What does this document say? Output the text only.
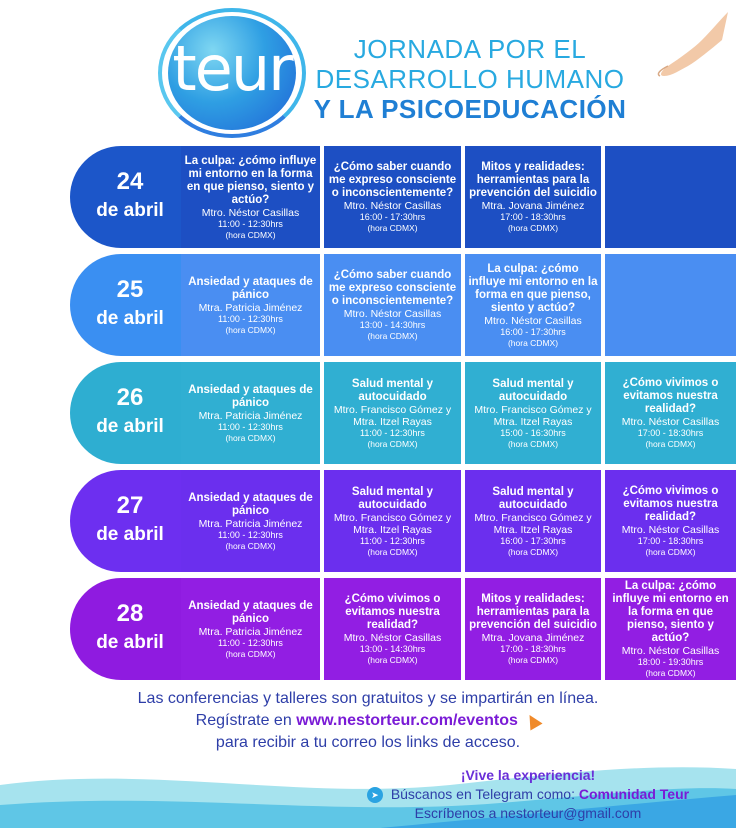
teur	JORNADA POR EL
DESARROLLO HUMANO
Y LA PSICOEDUCACIÓN
24
de abril
La culpa: ¿cómo influye mi entorno en la forma en que pienso, siento y actúo?
Mtro. Néstor Casillas
11:00 - 12:30hrs
(hora CDMX)
¿Cómo saber cuando me expreso consciente o inconscientemente?
Mtro. Néstor Casillas
16:00 - 17:30hrs
(hora CDMX)
Mitos y realidades: herramientas para la prevención del suicidio
Mtra. Jovana Jiménez
17:00 - 18:30hrs
(hora CDMX)
25
de abril
Ansiedad y ataques de pánico
Mtra. Patricia Jiménez
11:00 - 12:30hrs
(hora CDMX)
¿Cómo saber cuando me expreso consciente o inconscientemente?
Mtro. Néstor Casillas
13:00 - 14:30hrs
(hora CDMX)
La culpa: ¿cómo influye mi entorno en la forma en que pienso, siento y actúo?
Mtro. Néstor Casillas
16:00 - 17:30hrs
(hora CDMX)
26
de abril
Ansiedad y ataques de pánico
Mtra. Patricia Jiménez
11:00 - 12:30hrs
(hora CDMX)
Salud mental y autocuidado
Mtro. Francisco Gómez y Mtra. Itzel Rayas
11:00 - 12:30hrs
(hora CDMX)
Salud mental y autocuidado
Mtro. Francisco Gómez y Mtra. Itzel Rayas
15:00 - 16:30hrs
(hora CDMX)
¿Cómo vivimos o evitamos nuestra realidad?
Mtro. Néstor Casillas
17:00 - 18:30hrs
(hora CDMX)
27
de abril
Ansiedad y ataques de pánico
Mtra. Patricia Jiménez
11:00 - 12:30hrs
(hora CDMX)
Salud mental y autocuidado
Mtro. Francisco Gómez y Mtra. Itzel Rayas
11:00 - 12:30hrs
(hora CDMX)
Salud mental y autocuidado
Mtro. Francisco Gómez y Mtra. Itzel Rayas
16:00 - 17:30hrs
(hora CDMX)
¿Cómo vivimos o evitamos nuestra realidad?
Mtro. Néstor Casillas
17:00 - 18:30hrs
(hora CDMX)
28
de abril
Ansiedad y ataques de pánico
Mtra. Patricia Jiménez
11:00 - 12:30hrs
(hora CDMX)
¿Cómo vivimos o evitamos nuestra realidad?
Mtro. Néstor Casillas
13:00 - 14:30hrs
(hora CDMX)
Mitos y realidades: herramientas para la prevención del suicidio
Mtra. Jovana Jiménez
17:00 - 18:30hrs
(hora CDMX)
La culpa: ¿cómo influye mi entorno en la forma en que pienso, siento y actúo?
Mtro. Néstor Casillas
18:00 - 19:30hrs
(hora CDMX)
Las conferencias y talleres son gratuitos y se impartirán en línea.
Regístrate en www.nestorteur.com/eventos
para recibir a tu correo los links de acceso.
¡Vive la experiencia!
➤ Búscanos en Telegram como: Comunidad Teur
Escríbenos a nestorteur@gmail.com
